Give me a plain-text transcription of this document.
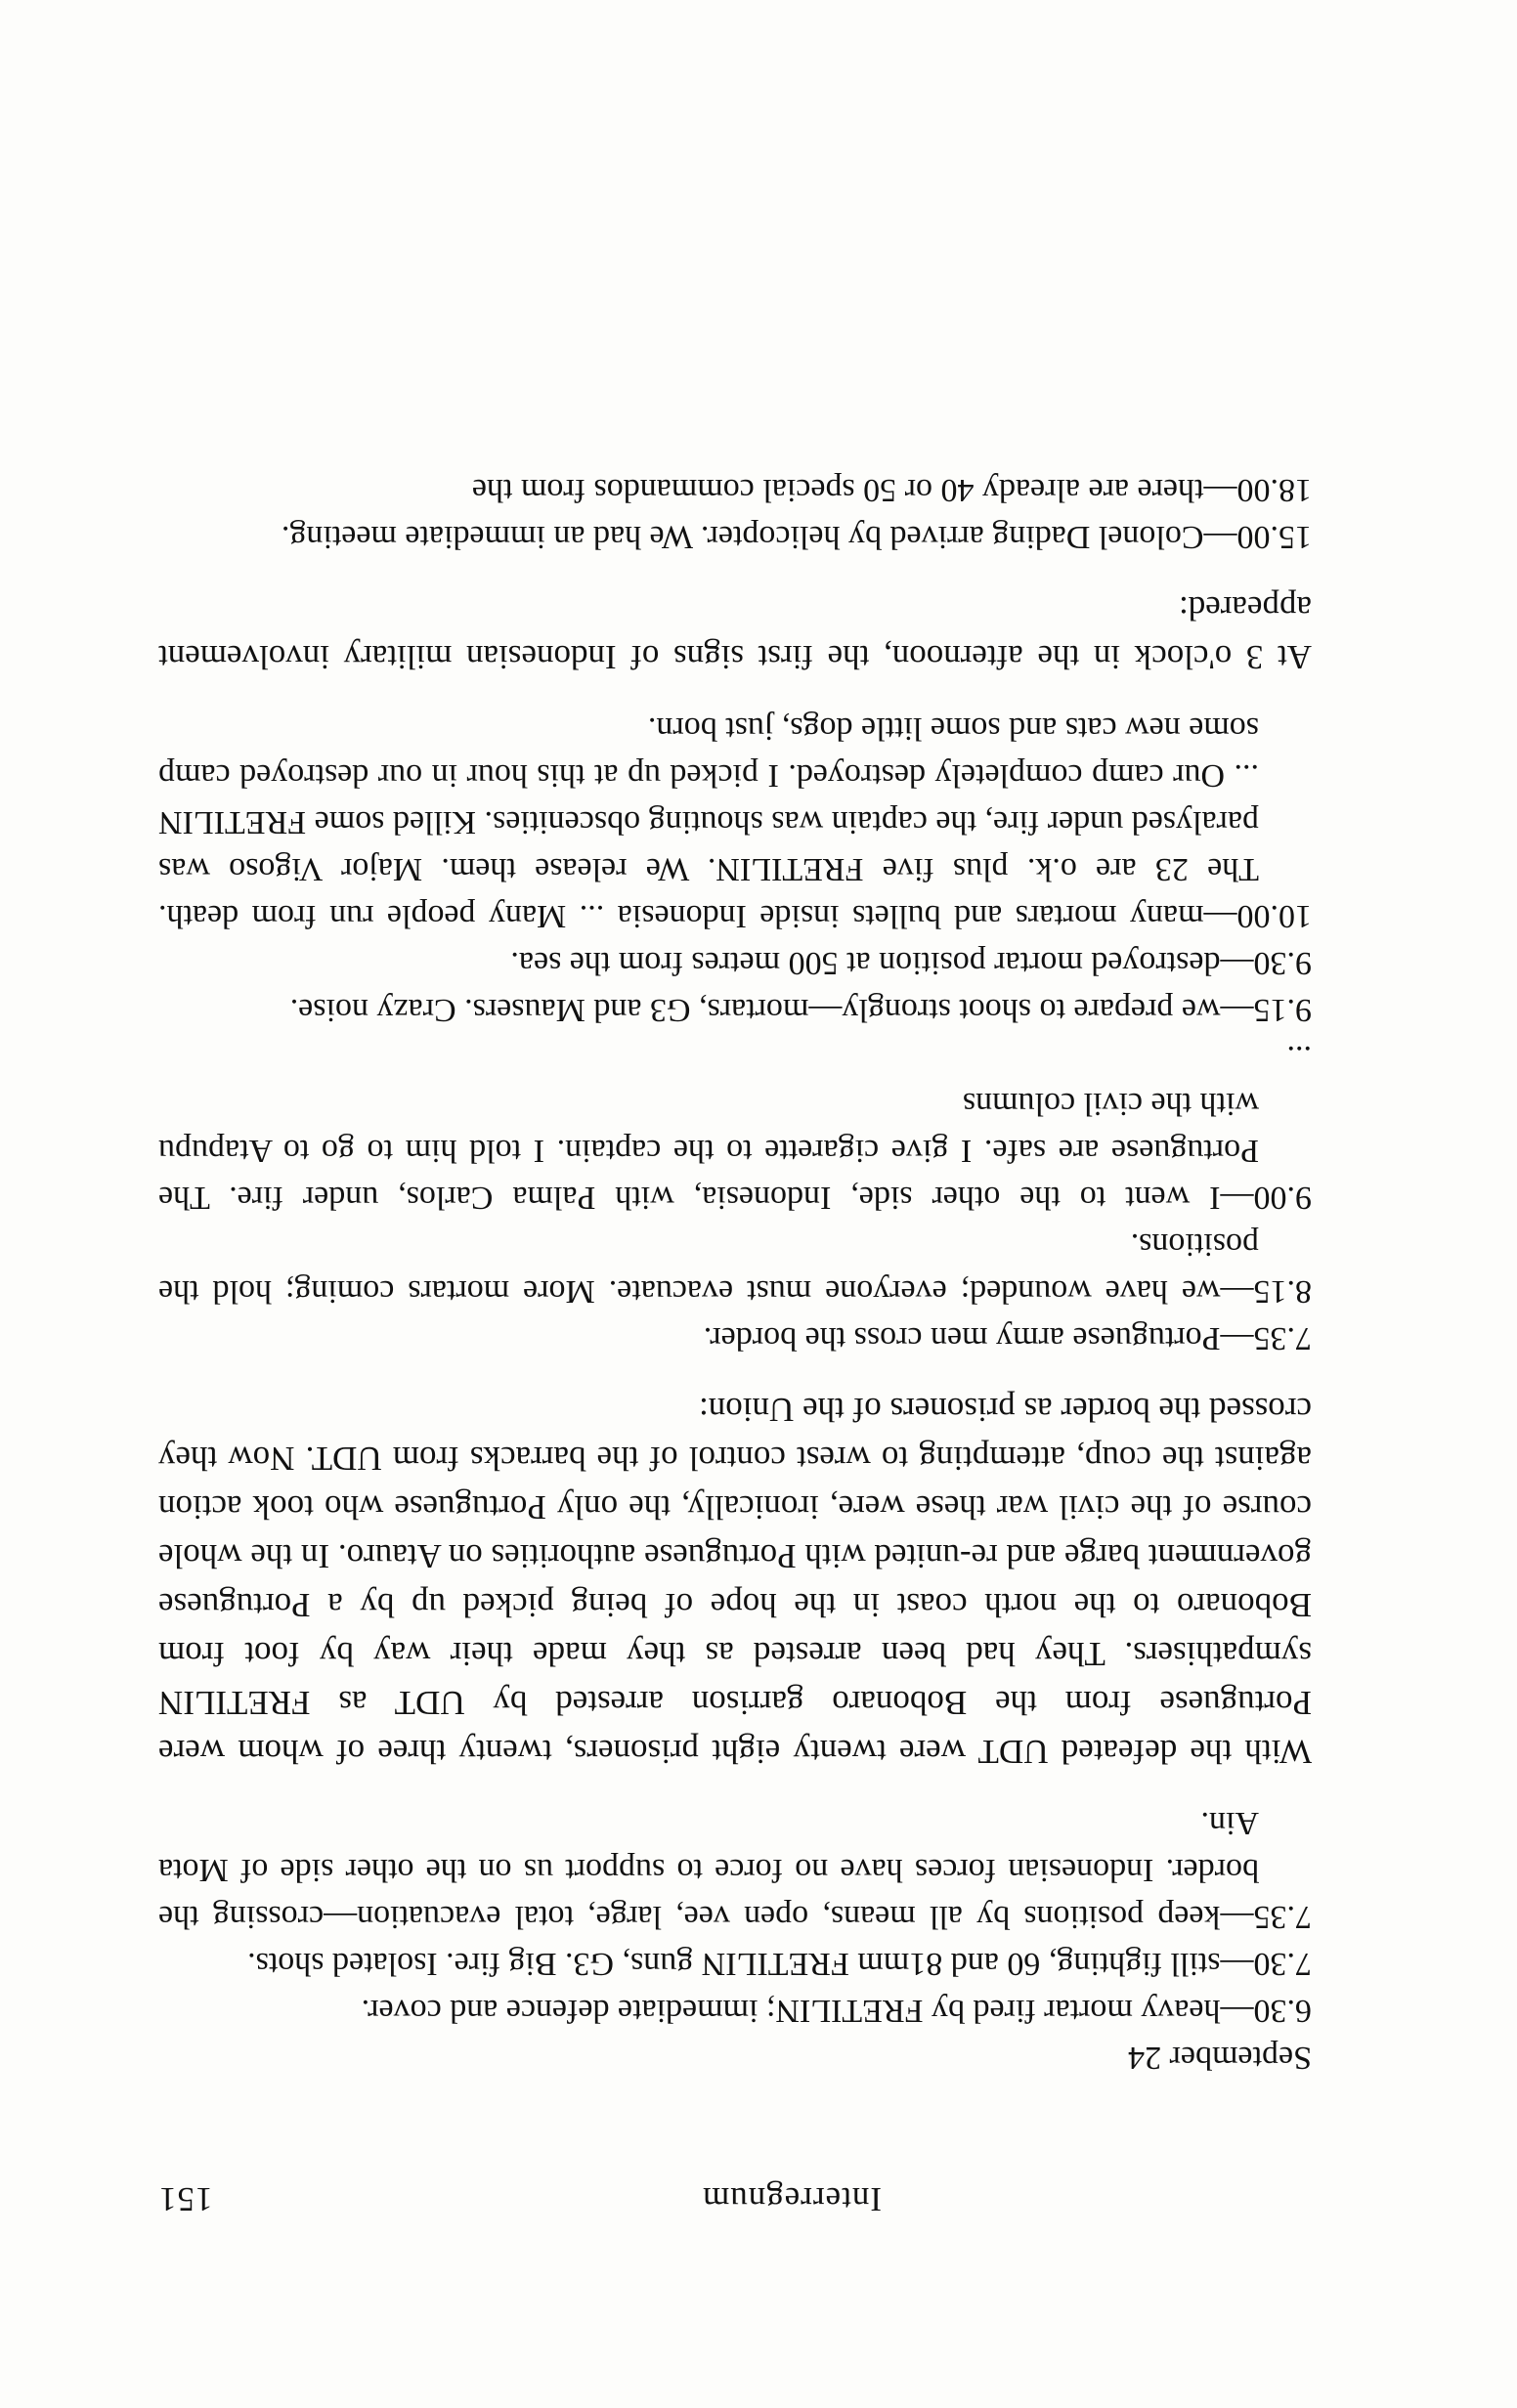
Interregnum
151

September 24

6.30—heavy mortar fired by FRETILIN; immediate defence and cover.

7.30—still fighting, 60 and 81mm FRETILIN guns, G3. Big fire. Isolated shots.

7.35—keep positions by all means, open vee, large, total evacuation—crossing the border. Indonesian forces have no force to support us on the other side of Mota Ain.

With the defeated UDT were twenty eight prisoners, twenty three of whom were Portuguese from the Bobonaro garrison arrested by UDT as FRETILIN sympathisers. They had been arrested as they made their way by foot from Bobonaro to the north coast in the hope of being picked up by a Portuguese government barge and re-united with Portuguese authorities on Atauro. In the whole course of the civil war these were, ironically, the only Portuguese who took action against the coup, attempting to wrest control of the barracks from UDT. Now they crossed the border as prisoners of the Union:

7.35—Portuguese army men cross the border.

8.15—we have wounded; everyone must evacuate. More mortars coming; hold the positions.

9.00—I went to the other side, Indonesia, with Palma Carlos, under fire. The Portuguese are safe. I give cigarette to the captain. I told him to go to Atapupu with the civil columns

...

9.15—we prepare to shoot strongly—mortars, G3 and Mausers. Crazy noise.

9.30—destroyed mortar position at 500 metres from the sea.

10.00—many mortars and bullets inside Indonesia ... Many people run from death. The 23 are o.k. plus five FRETILIN. We release them. Major Vigoso was paralysed under fire, the captain was shouting obscenities. Killed some FRETILIN ... Our camp completely destroyed. I picked up at this hour in our destroyed camp some new cats and some little dogs, just born.

At 3 o'clock in the afternoon, the first signs of Indonesian military involvement appeared:

15.00—Colonel Dading arrived by helicopter. We had an immediate meeting.

18.00—there are already 40 or 50 special commandos from the
